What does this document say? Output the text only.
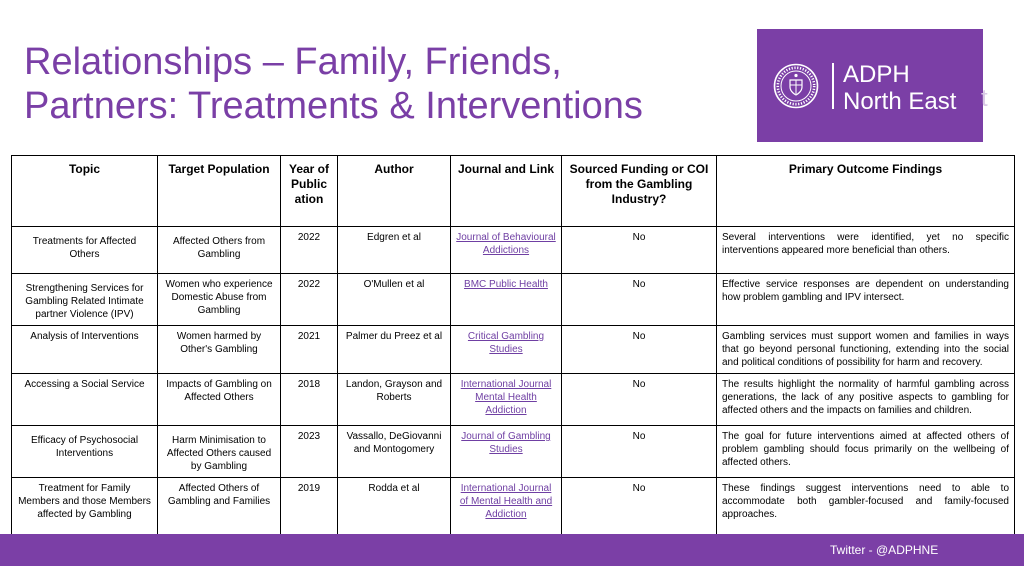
Relationships – Family, Friends,
Partners: Treatments & Interventions
ADPH
North East t
Topic	Target Population	Year of Public ation	Author	Journal and Link	Sourced Funding or COI from the Gambling Industry?	Primary Outcome Findings
Treatments for Affected Others	Affected Others from Gambling	2022	Edgren et al	Journal of Behavioural Addictions	No	Several interventions were identified, yet no specific interventions appeared more beneficial than others.
Strengthening Services for Gambling Related Intimate partner Violence (IPV)	Women who experience Domestic Abuse from Gambling	2022	O'Mullen et al	BMC Public Health	No	Effective service responses are dependent on understanding how problem gambling and IPV intersect.
Analysis of Interventions	Women harmed by Other's Gambling	2021	Palmer du Preez et al	Critical Gambling Studies	No	Gambling services must support women and families in ways that go beyond personal functioning, extending into the social and political conditions of possibility for harm and recovery.
Accessing a Social Service	Impacts of Gambling on Affected Others	2018	Landon, Grayson and Roberts	International Journal Mental Health Addiction	No	The results highlight the normality of harmful gambling across generations, the lack of any positive aspects to gambling for affected others and the impacts on families and children.
Efficacy of Psychosocial Interventions	Harm Minimisation to Affected Others caused by Gambling	2023	Vassallo, DeGiovanni and Montogomery	Journal of Gambling Studies	No	The goal for future interventions aimed at affected others of problem gambling should focus primarily on the wellbeing of affected others.
Treatment for Family Members and those Members affected by Gambling	Affected Others of Gambling and Families	2019	Rodda et al	International Journal of Mental Health and Addiction	No	These findings suggest interventions need to able to accommodate both gambler-focused and family-focused approaches.
Twitter - @ADPHNE
